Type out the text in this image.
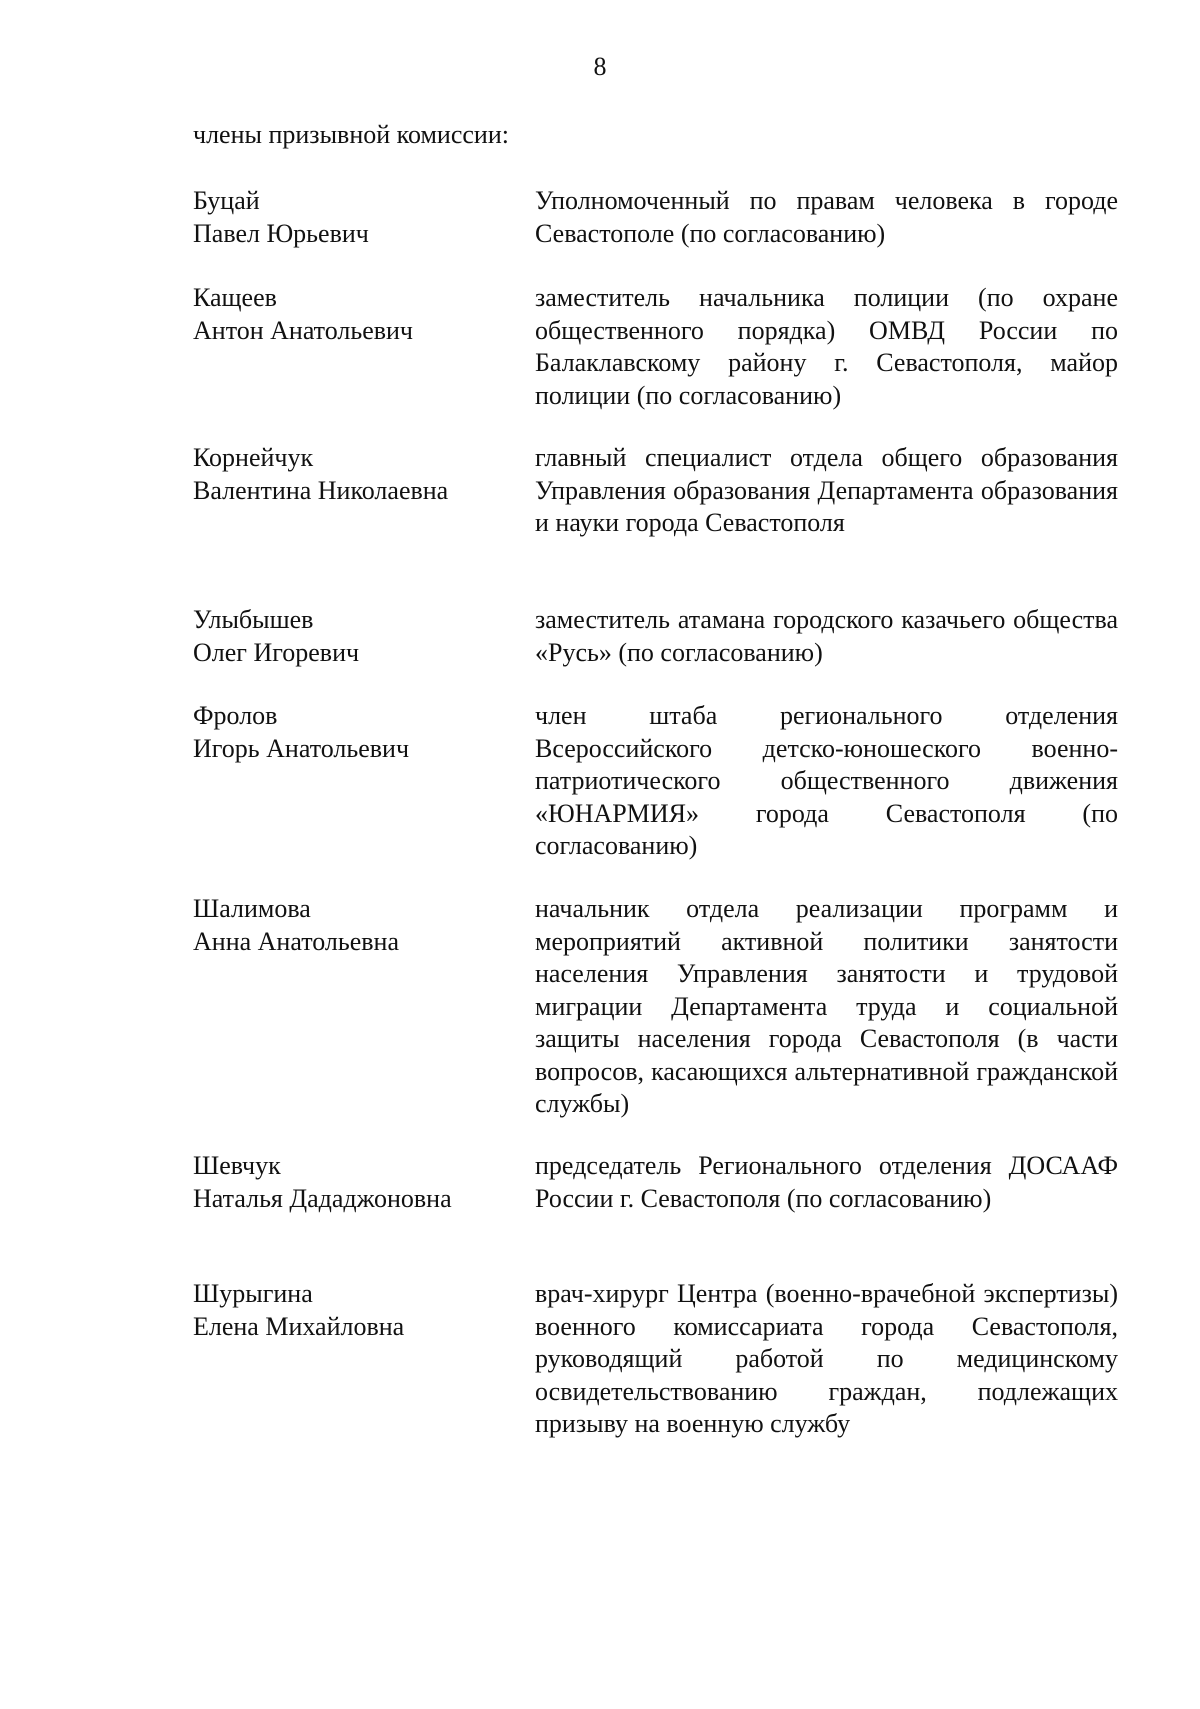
8
члены призывной комиссии:
Буцай
Павел Юрьевич
Уполномоченный по правам человека в городе Севастополе (по согласованию)
Кащеев
Антон Анатольевич
заместитель начальника полиции (по охране общественного порядка) ОМВД России по Балаклавскому району г. Севастополя, майор полиции (по согласованию)
Корнейчук
Валентина Николаевна
главный специалист отдела общего образования Управления образования Департамента образования и науки города Севастополя
Улыбышев
Олег Игоревич
заместитель атамана городского казачьего общества «Русь» (по согласованию)
Фролов
Игорь Анатольевич
член штаба регионального отделения Всероссийского детско-юношеского военно-патриотического общественного движения «ЮНАРМИЯ» города Севастополя (по согласованию)
Шалимова
Анна Анатольевна
начальник отдела реализации программ и мероприятий активной политики занятости населения Управления занятости и трудовой миграции Департамента труда и социальной защиты населения города Севастополя (в части вопросов, касающихся альтернативной гражданской службы)
Шевчук
Наталья Дададжоновна
председатель Регионального отделения ДОСААФ России г. Севастополя (по согласованию)
Шурыгина
Елена Михайловна
врач-хирург Центра (военно-врачебной экспертизы) военного комиссариата города Севастополя, руководящий работой по медицинскому освидетельствованию граждан, подлежащих призыву на военную службу
